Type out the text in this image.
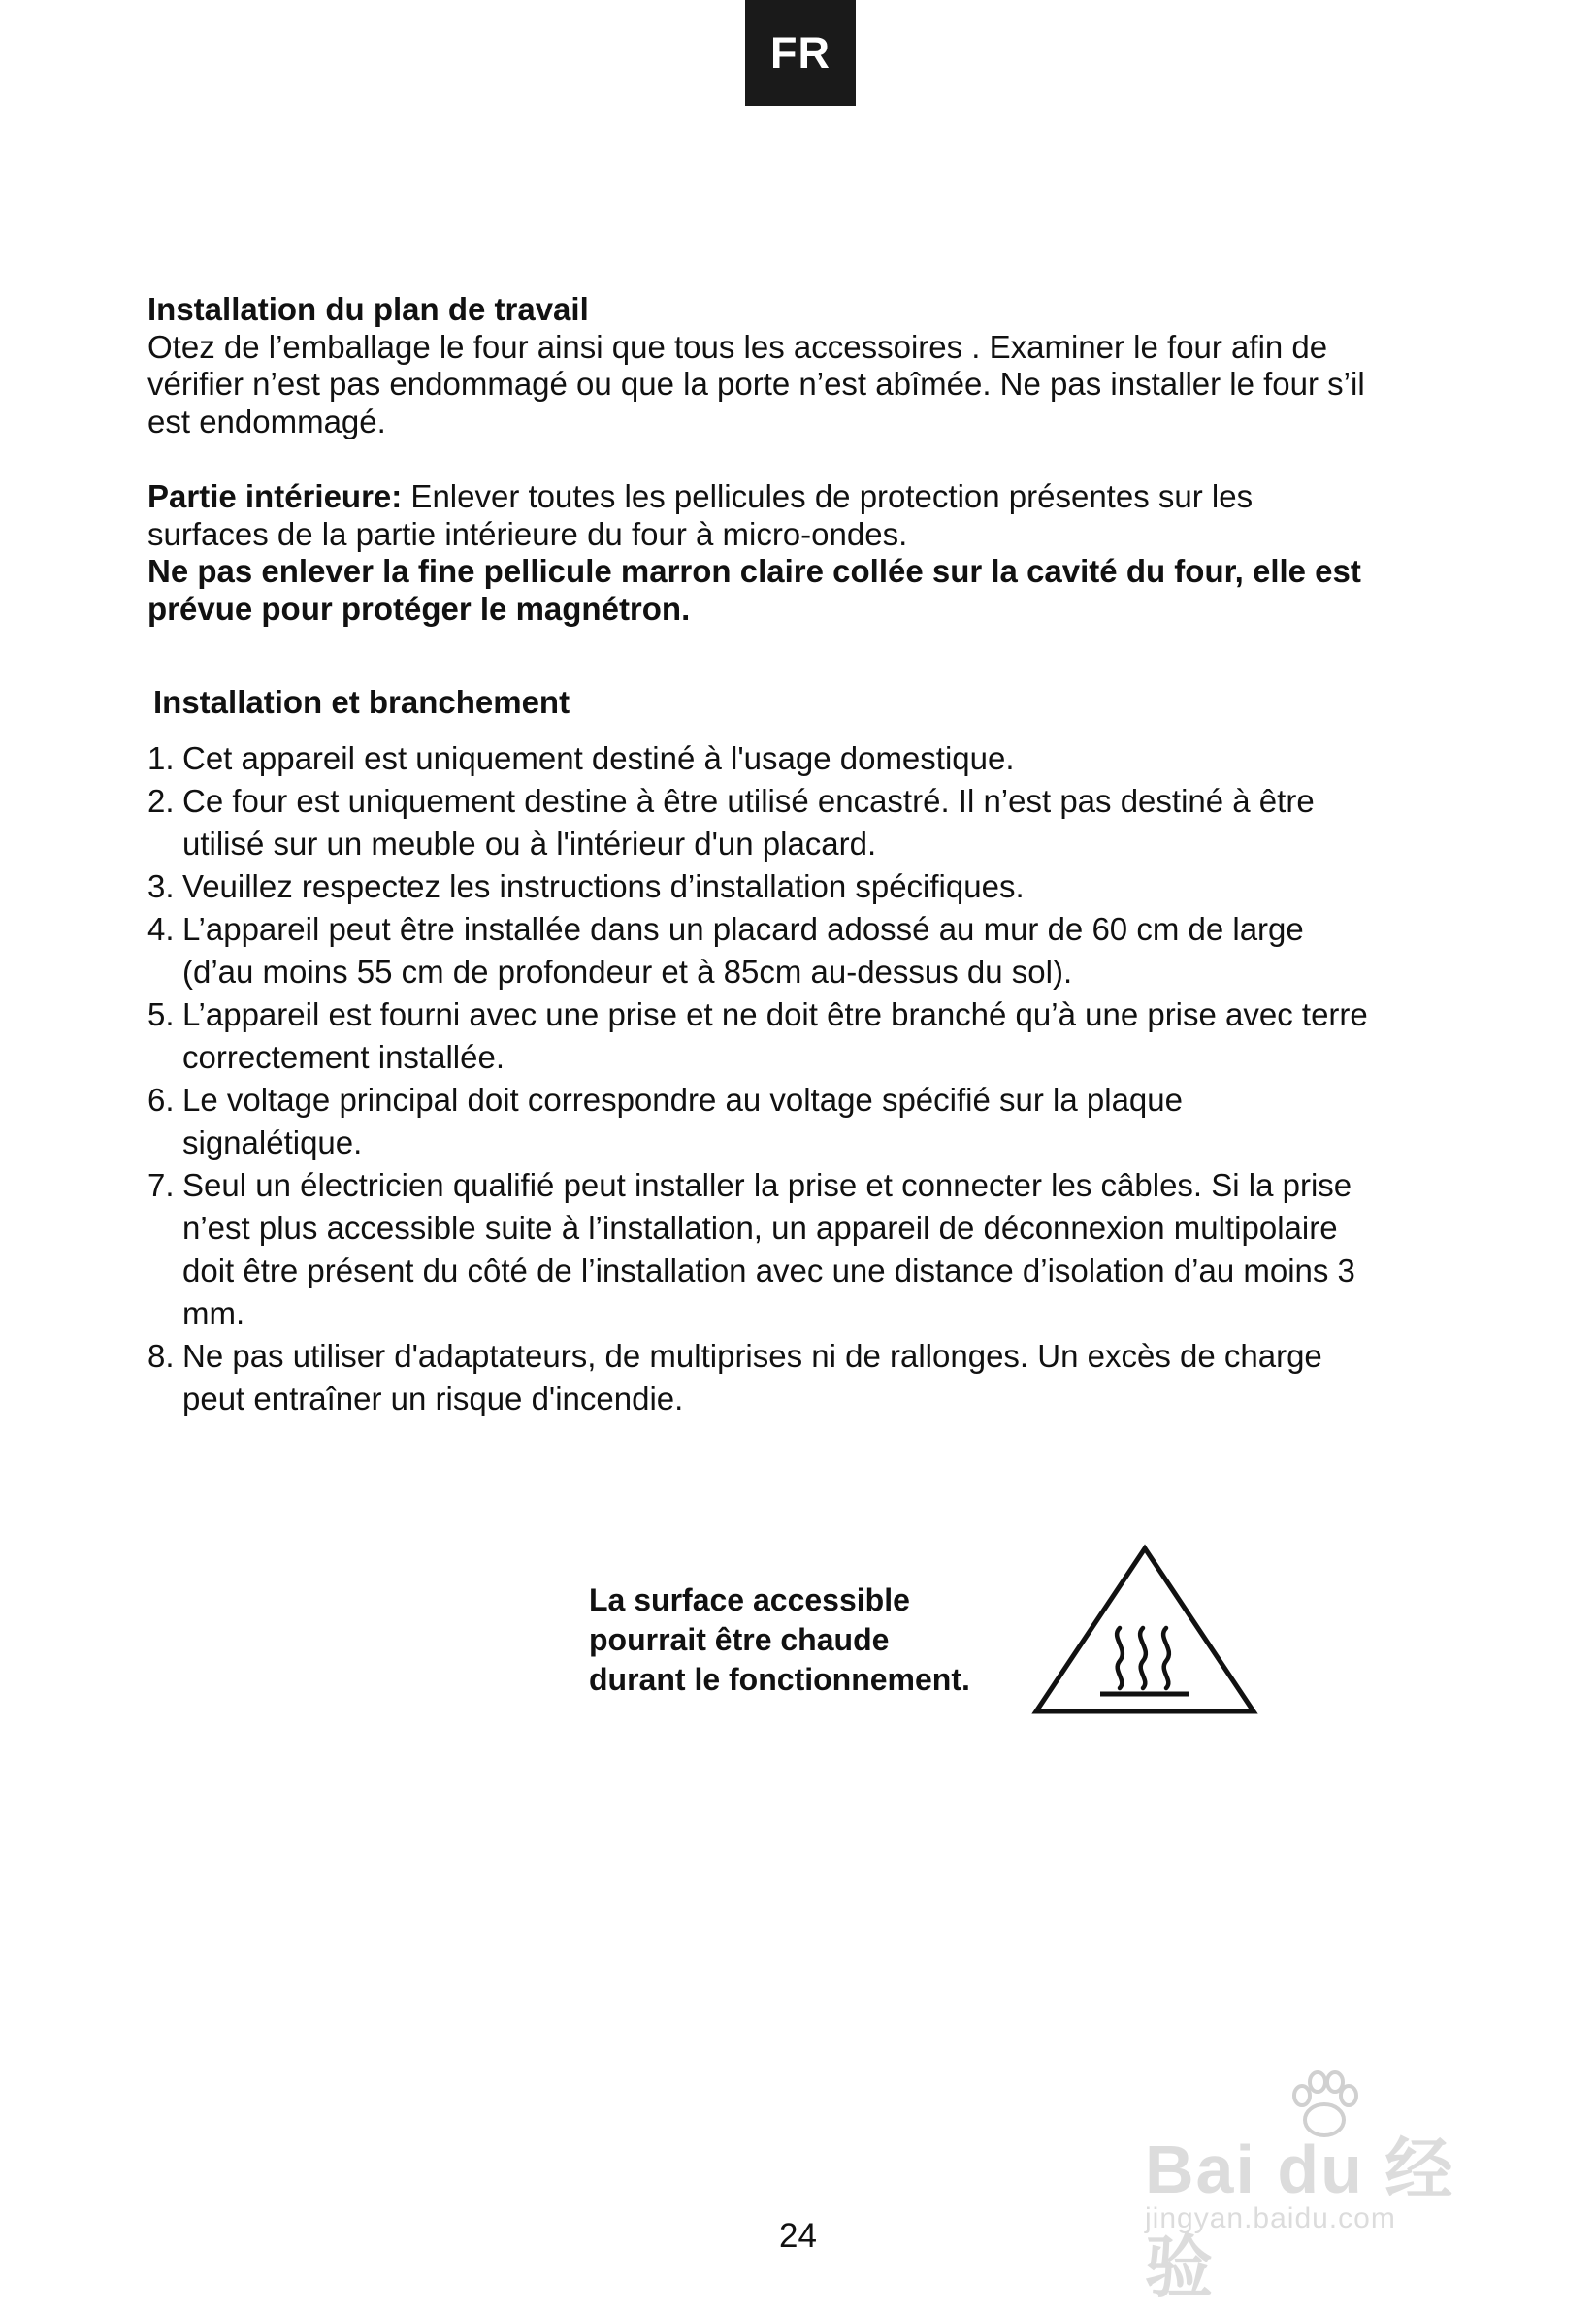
FR
Installation du plan de travail

Otez de l’emballage le four ainsi que tous les accessoires . Examiner le four afin de vérifier n’est pas endommagé ou que la porte n’est abîmée. Ne pas installer le four s’il est endommagé.

Partie intérieure: Enlever toutes les pellicules de protection présentes sur les surfaces de la partie intérieure du four à micro-ondes.

Ne pas enlever la fine pellicule marron claire collée sur la cavité du four, elle est prévue pour protéger le magnétron.

Installation et branchement
1. Cet appareil est uniquement destiné à l'usage domestique.
2. Ce four est uniquement destine à être utilisé encastré. Il n’est pas destiné à être utilisé sur un meuble ou à l'intérieur d'un placard.
3. Veuillez respectez les instructions d’installation spécifiques.
4. L’appareil peut être installée dans un placard adossé au mur de 60 cm de large (d’au moins 55 cm de profondeur et à 85cm au-dessus du sol).
5. L’appareil est fourni avec une prise et ne doit être branché qu’à une prise avec terre correctement installée.
6. Le voltage principal doit correspondre au voltage spécifié sur la plaque signalétique.
7. Seul un électricien qualifié peut installer la prise et connecter les câbles. Si la prise n’est plus accessible suite à l’installation, un appareil de déconnexion multipolaire doit être présent du côté de l’installation avec une distance d’isolation d’au moins 3 mm.
8. Ne pas utiliser d'adaptateurs, de multiprises ni de rallonges. Un excès de charge peut entraîner un risque d'incendie.
La surface accessible
pourrait être chaude
durant le fonctionnement.
Bai du 经验
jingyan.baidu.com
24
